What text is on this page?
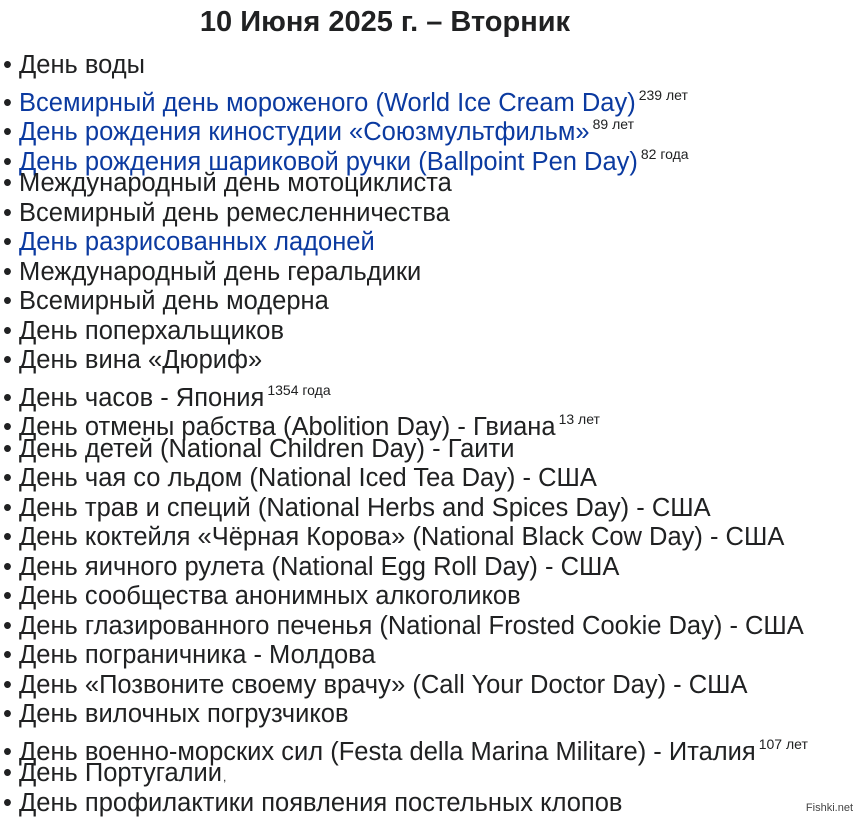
10 Июня 2025 г. – Вторник
• День воды
• Всемирный день мороженого (World Ice Cream Day) $^{239 лет}$
• День рождения киностудии «Союзмультфильм» $^{89 лет}$
• День рождения шариковой ручки (Ballpoint Pen Day) $^{82 года}$
• Международный день мотоциклиста
• Всемирный день ремесленничества
• День разрисованных ладоней
• Международный день геральдики
• Всемирный день модерна
• День поперхальщиков
• День вина «Дюриф»
• День часов - Япония $^{1354 года}$
• День отмены рабства (Abolition Day) - Гвиана $^{13 лет}$
• День детей (National Children Day) - Гаити
• День чая со льдом (National Iced Tea Day) - США
• День трав и специй (National Herbs and Spices Day) - США
• День коктейля «Чёрная Корова» (National Black Cow Day) - США
• День яичного рулета (National Egg Roll Day) - США
• День сообщества анонимных алкоголиков
• День глазированного печенья (National Frosted Cookie Day) - США
• День пограничника - Молдова
• День «Позвоните своему врачу» (Call Your Doctor Day) - США
• День вилочных погрузчиков
• День военно-морских сил (Festa della Marina Militare) - Италия $^{107 лет}$
• День Португалии,
• День профилактики появления постельных клопов	Fishki.net
